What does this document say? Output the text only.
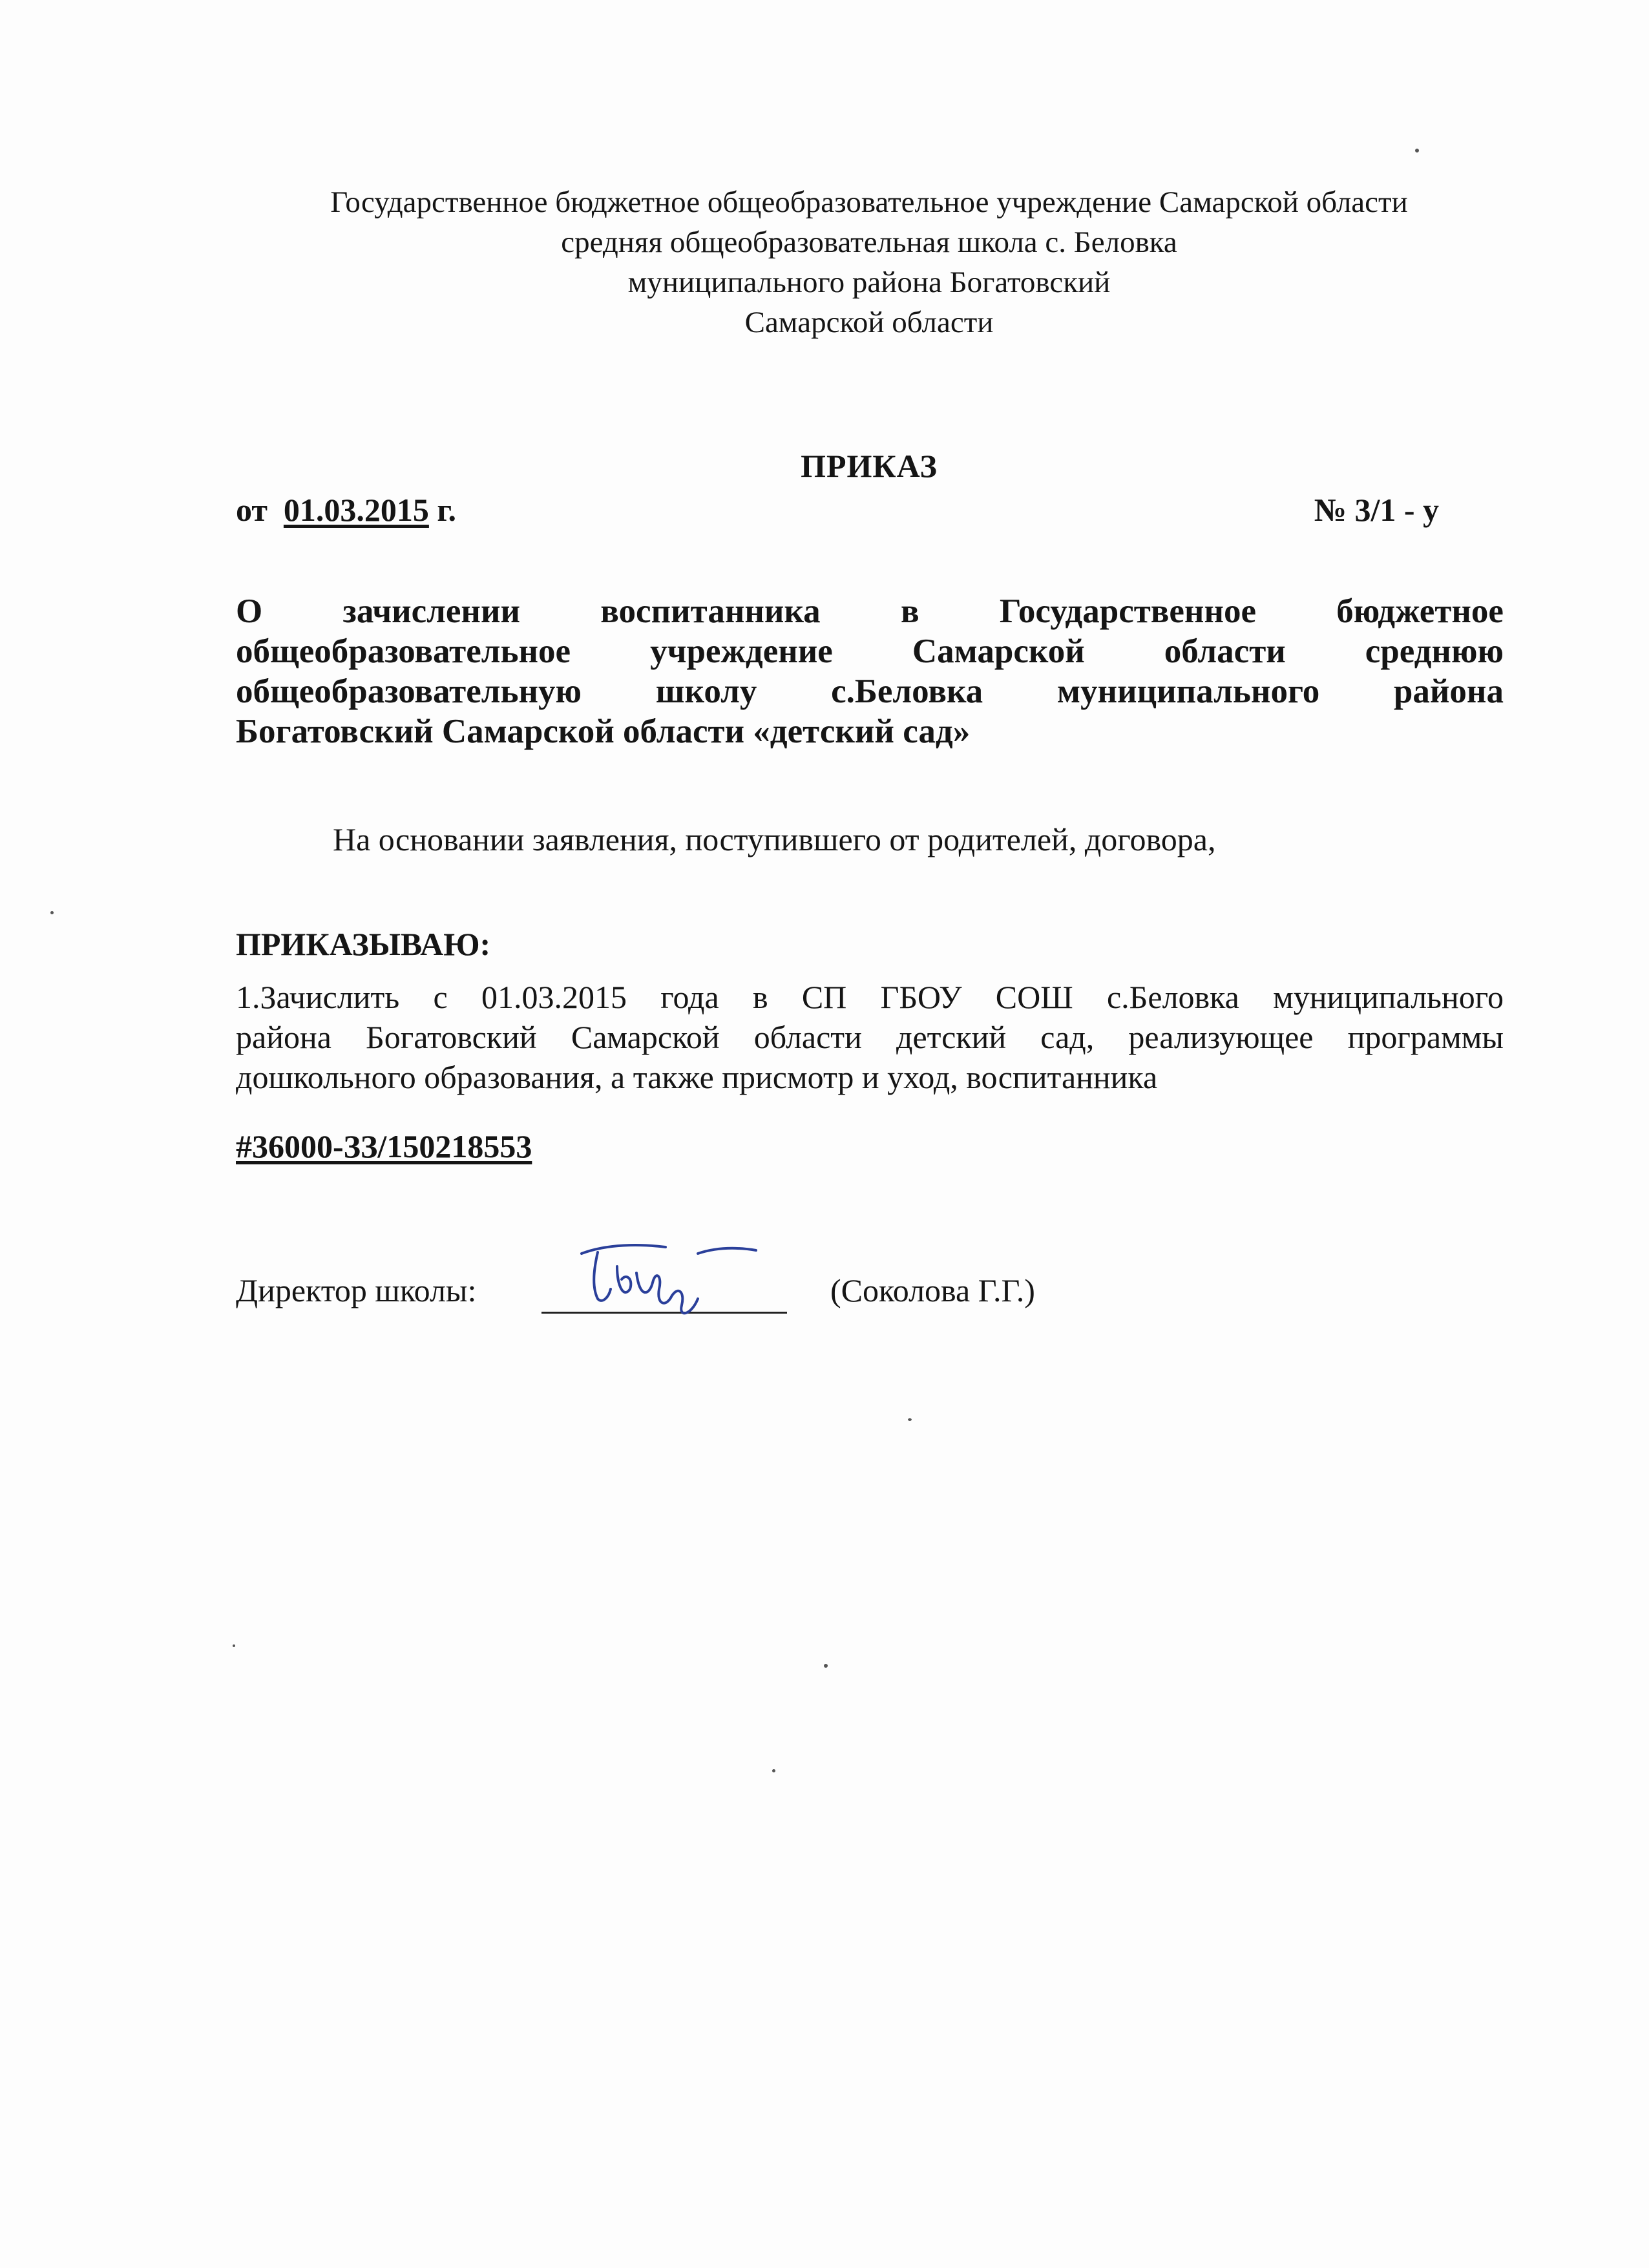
Государственное бюджетное общеобразовательное учреждение Самарской области
средняя общеобразовательная школа с. Беловка
муниципального района Богатовский
Самарской области
ПРИКАЗ
от 01.03.2015 г.	№ 3/1 - у
О зачислении воспитанника в Государственное бюджетное
общеобразовательное учреждение Самарской области среднюю
общеобразовательную школу с.Беловка муниципального района
Богатовский Самарской области «детский сад»
На основании заявления, поступившего от родителей, договора,
ПРИКАЗЫВАЮ:
1.Зачислить с 01.03.2015 года в СП ГБОУ СОШ с.Беловка муниципального
района Богатовский Самарской области детский сад, реализующее программы
дошкольного образования, а также присмотр и уход, воспитанника
#36000-ЗЗ/150218553
Директор школы:	(Соколова Г.Г.)
